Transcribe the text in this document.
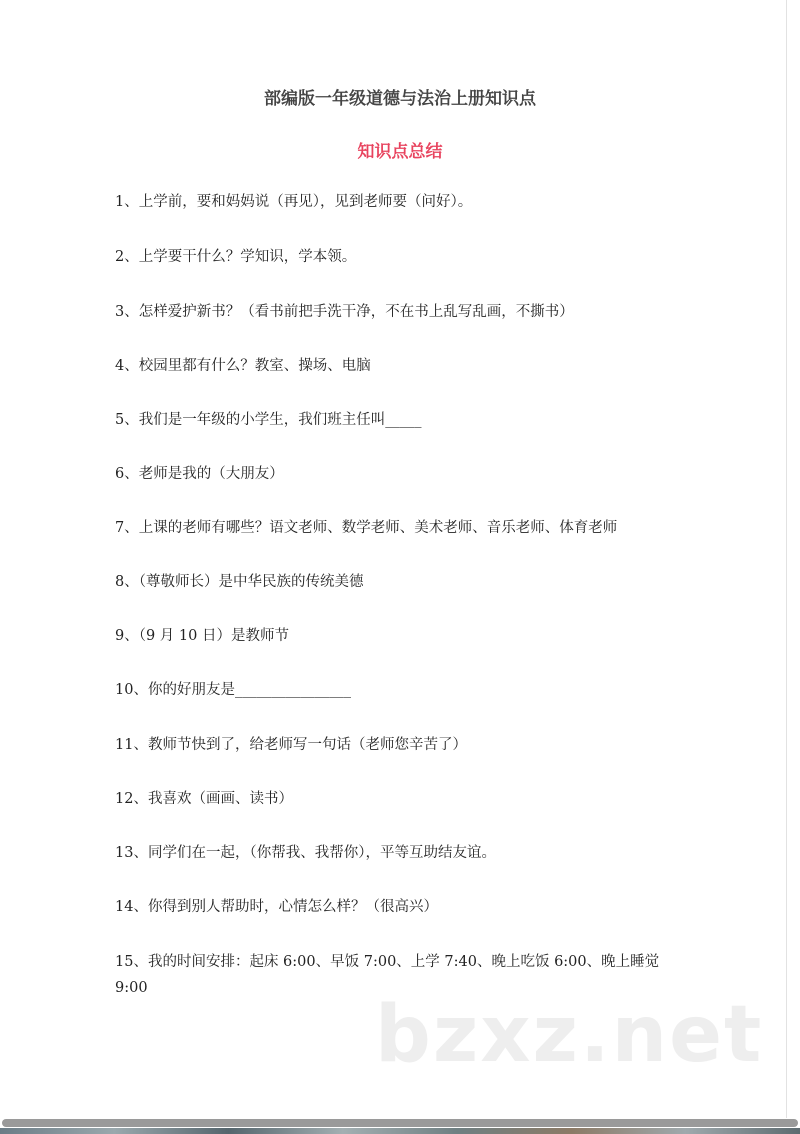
部编版一年级道德与法治上册知识点
知识点总结
1、上学前，要和妈妈说（再见），见到老师要（问好）。
2、上学要干什么？学知识，学本领。
3、怎样爱护新书？（看书前把手洗干净，不在书上乱写乱画，不撕书）
4、校园里都有什么？教室、操场、电脑
5、我们是一年级的小学生，我们班主任叫_____
6、老师是我的（大朋友）
7、上课的老师有哪些？语文老师、数学老师、美术老师、音乐老师、体育老师
8、（尊敬师长）是中华民族的传统美德
9、（9 月 10 日）是教师节
10、你的好朋友是________________
11、教师节快到了，给老师写一句话（老师您辛苦了）
12、我喜欢（画画、读书）
13、同学们在一起，（你帮我、我帮你），平等互助结友谊。
14、你得到别人帮助时，心情怎么样？（很高兴）
15、我的时间安排：起床 6:00、早饭 7:00、上学 7:40、晚上吃饭 6:00、晚上睡觉 9:00
bzxz.net
